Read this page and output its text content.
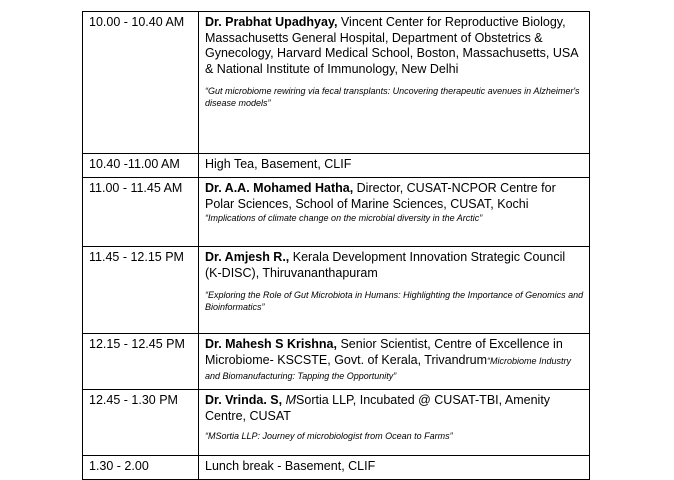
10.00 - 10.40 AM	Dr. Prabhat Upadhyay, Vincent Center for Reproductive Biology, Massachusetts General Hospital, Department of Obstetrics & Gynecology, Harvard Medical School, Boston, Massachusetts, USA & National Institute of Immunology, New Delhi
“Gut microbiome rewiring via fecal transplants: Uncovering therapeutic avenues in Alzheimer's disease models”

10.40 -11.00 AM	High Tea, Basement, CLIF
11.00 - 11.45 AM	Dr. A.A. Mohamed Hatha, Director, CUSAT-NCPOR Centre for Polar Sciences, School of Marine Sciences, CUSAT, Kochi
“Implications of climate change on the microbial diversity in the Arctic”

11.45 - 12.15 PM	Dr. Amjesh R., Kerala Development Innovation Strategic Council (K-DISC), Thiruvananthapuram
“Exploring the Role of Gut Microbiota in Humans: Highlighting the Importance of Genomics and Bioinformatics”

12.15 - 12.45 PM	Dr. Mahesh S Krishna, Senior Scientist, Centre of Excellence in Microbiome- KSCSTE, Govt. of Kerala, Trivandrum“Microbiome Industry and Biomanufacturing: Tapping the Opportunity”
12.45 - 1.30 PM	Dr. Vrinda. S, MSortia LLP, Incubated @ CUSAT-TBI, Amenity Centre, CUSAT
“MSortia LLP: Journey of microbiologist from Ocean to Farms”

1.30 - 2.00	Lunch break - Basement, CLIF
